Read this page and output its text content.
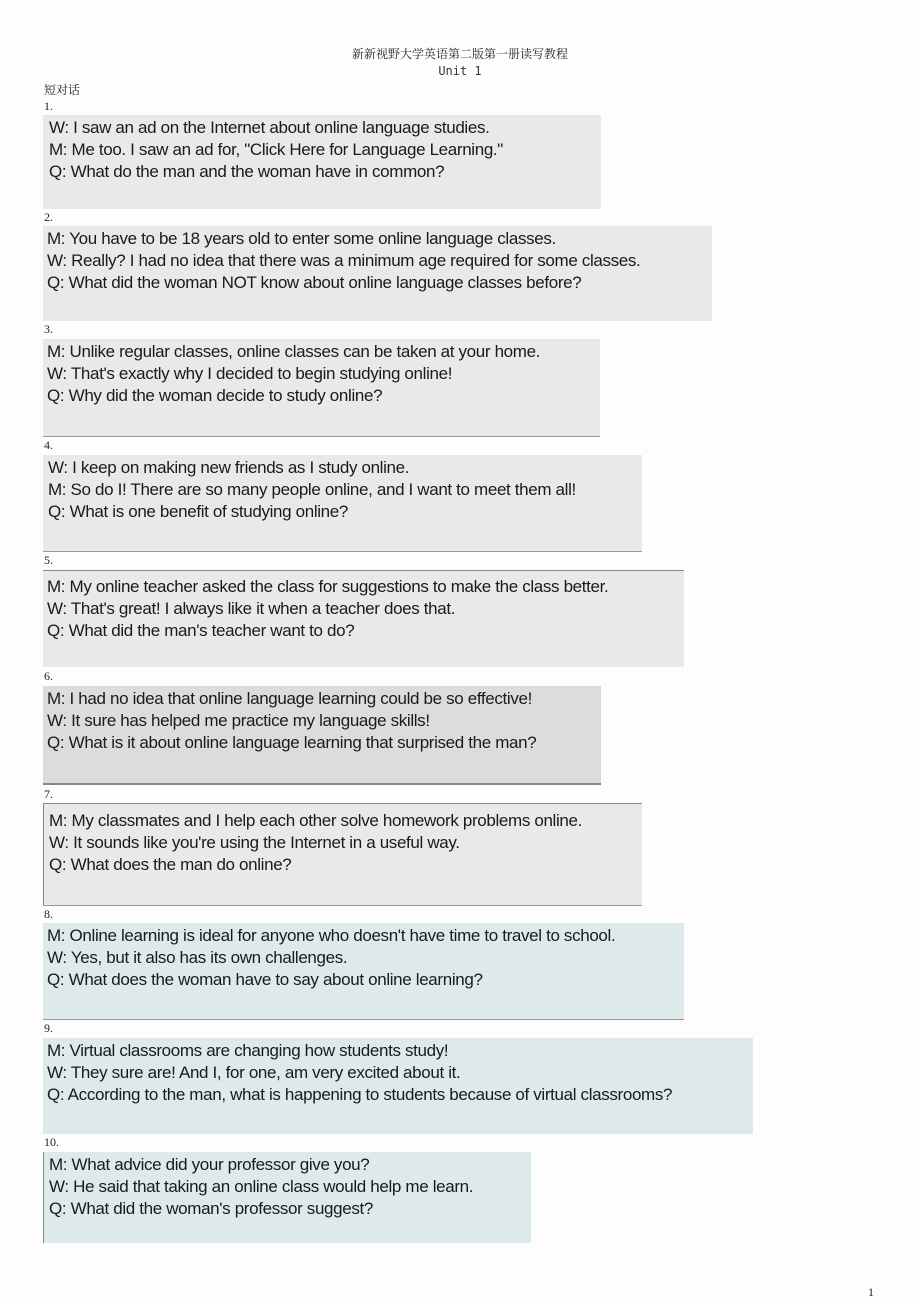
新新视野大学英语第二版第一册读写教程
Unit 1
短对话
1.
W: I saw an ad on the Internet about online language studies.
M: Me too. I saw an ad for, "Click Here for Language Learning."
Q: What do the man and the woman have in common?
2.
M: You have to be 18 years old to enter some online language classes.
W: Really? I had no idea that there was a minimum age required for some classes.
Q: What did the woman NOT know about online language classes before?
3.
M: Unlike regular classes, online classes can be taken at your home.
W: That's exactly why I decided to begin studying online!
Q: Why did the woman decide to study online?
4.
W: I keep on making new friends as I study online.
M: So do I! There are so many people online, and I want to meet them all!
Q: What is one benefit of studying online?
5.
M: My online teacher asked the class for suggestions to make the class better.
W: That's great! I always like it when a teacher does that.
Q: What did the man's teacher want to do?
6.
M: I had no idea that online language learning could be so effective!
W: It sure has helped me practice my language skills!
Q: What is it about online language learning that surprised the man?
7.
M: My classmates and I help each other solve homework problems online.
W: It sounds like you're using the Internet in a useful way.
Q: What does the man do online?
8.
M: Online learning is ideal for anyone who doesn't have time to travel to school.
W: Yes, but it also has its own challenges.
Q: What does the woman have to say about online learning?
9.
M: Virtual classrooms are changing how students study!
W: They sure are! And I, for one, am very excited about it.
Q: According to the man, what is happening to students because of virtual classrooms?
10.
M: What advice did your professor give you?
W: He said that taking an online class would help me learn.
Q: What did the woman's professor suggest?
1
